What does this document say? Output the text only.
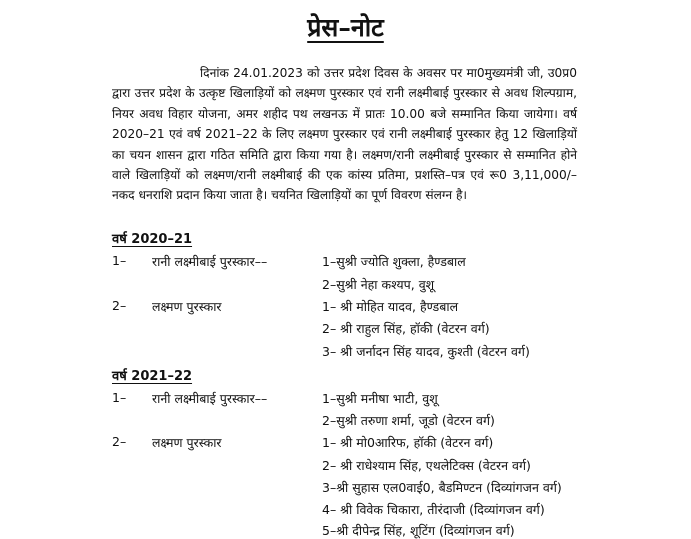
प्रेस–नोट
दिनांक 24.01.2023 को उत्तर प्रदेश दिवस के अवसर पर मा0मुख्यमंत्री जी, उ0प्र0 द्वारा उत्तर प्रदेश के उत्कृष्ट खिलाड़ियों को लक्ष्मण पुरस्कार एवं रानी लक्ष्मीबाई पुरस्कार से अवध शिल्पग्राम, नियर अवध विहार योजना, अमर शहीद पथ लखनऊ में प्रातः 10.00 बजे सम्मानित किया जायेगा। वर्ष 2020–21 एवं वर्ष 2021–22 के लिए लक्ष्मण पुरस्कार एवं रानी लक्ष्मीबाई पुरस्कार हेतु 12 खिलाड़ियों का चयन शासन द्वारा गठित समिति द्वारा किया गया है। लक्ष्मण/रानी लक्ष्मीबाई पुरस्कार से सम्मानित होने वाले खिलाड़ियों को लक्ष्मण/रानी लक्ष्मीबाई की एक कांस्य प्रतिमा, प्रशस्ति–पत्र एवं रू0 3,11,000/– नकद धनराशि प्रदान किया जाता है। चयनित खिलाड़ियों का पूर्ण विवरण संलग्न है।
वर्ष 2020–21
1– रानी लक्ष्मीबाई पुरस्कार––	1–सुश्री ज्योति शुक्ला, हैण्डबाल
2–सुश्री नेहा कश्यप, वुशू
2– लक्ष्मण पुरस्कार	1– श्री मोहित यादव, हैण्डबाल
2– श्री राहुल सिंह, हॉकी (वेटरन वर्ग)
3– श्री जर्नादन सिंह यादव, कुश्ती (वेटरन वर्ग)
वर्ष 2021–22
1– रानी लक्ष्मीबाई पुरस्कार––	1–सुश्री मनीषा भाटी, वुशू
2–सुश्री तरुणा शर्मा, जूडो (वेटरन वर्ग)
2– लक्ष्मण पुरस्कार	1– श्री मो0आरिफ, हॉकी (वेटरन वर्ग)
2– श्री राधेश्याम सिंह, एथलेटिक्स (वेटरन वर्ग)
3–श्री सुहास एल0वाई0, बैडमिण्टन (दिव्यांगजन वर्ग)
4– श्री विवेक चिकारा, तीरंदाजी (दिव्यांगजन वर्ग)
5–श्री दीपेन्द्र सिंह, शूटिंग (दिव्यांगजन वर्ग)
